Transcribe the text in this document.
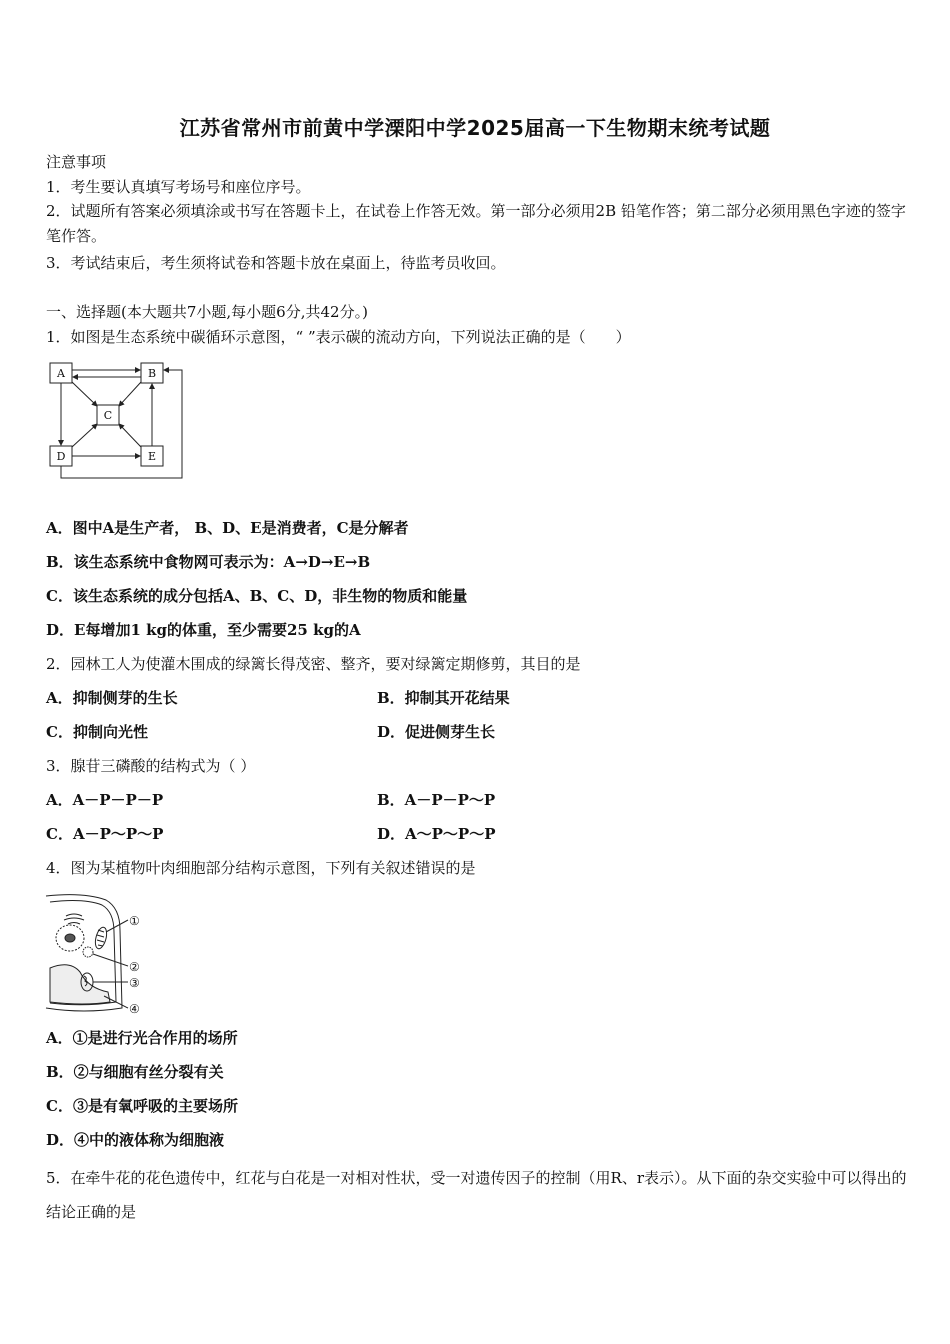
江苏省常州市前黄中学溧阳中学2025届高一下生物期末统考试题
注意事项
1．考生要认真填写考场号和座位序号。
2．试题所有答案必须填涂或书写在答题卡上，在试卷上作答无效。第一部分必须用2B 铅笔作答；第二部分必须用黑色字迹的签字笔作答。
3．考试结束后，考生须将试卷和答题卡放在桌面上，待监考员收回。
一、选择题(本大题共7小题,每小题6分,共42分。)
1．如图是生态系统中碳循环示意图，“ ”表示碳的流动方向，下列说法正确的是（　　）
A	B
C
D	E
A．图中A是生产者， B、D、E是消费者，C是分解者
B．该生态系统中食物网可表示为：A→D→E→B
C．该生态系统的成分包括A、B、C、D，非生物的物质和能量
D．E每增加1 kg的体重，至少需要25 kg的A
2．园林工人为使灌木围成的绿篱长得茂密、整齐，要对绿篱定期修剪，其目的是
A．抑制侧芽的生长	B．抑制其开花结果
C．抑制向光性	D．促进侧芽生长
3．腺苷三磷酸的结构式为（ ）
A．A－P－P－P	B．A－P－P～P
C．A－P～P～P	D．A～P～P～P
4．图为某植物叶肉细胞部分结构示意图，下列有关叙述错误的是
①
②
③
④
A．①是进行光合作用的场所
B．②与细胞有丝分裂有关
C．③是有氧呼吸的主要场所
D．④中的液体称为细胞液
5．在牵牛花的花色遗传中，红花与白花是一对相对性状，受一对遗传因子的控制（用R、r表示）。从下面的杂交实验中可以得出的结论正确的是
